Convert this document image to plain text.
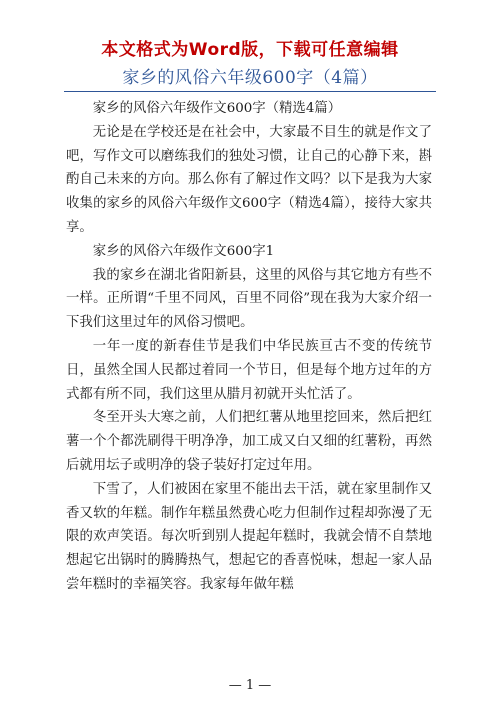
本文格式为Word版，下载可任意编辑
家乡的风俗六年级600字（4篇）

家乡的风俗六年级作文600字（精选4篇）

无论是在学校还是在社会中，大家最不目生的就是作文了吧，写作文可以磨练我们的独处习惯，让自己的心静下来，斟酌自己未来的方向。那么你有了解过作文吗？以下是我为大家收集的家乡的风俗六年级作文600字（精选4篇），接待大家共享。

家乡的风俗六年级作文600字1

我的家乡在湖北省阳新县，这里的风俗与其它地方有些不一样。正所谓“千里不同风，百里不同俗”现在我为大家介绍一下我们这里过年的风俗习惯吧。

一年一度的新春佳节是我们中华民族亘古不变的传统节日，虽然全国人民都过着同一个节日，但是每个地方过年的方式都有所不同，我们这里从腊月初就开头忙活了。

冬至开头大寒之前，人们把红薯从地里挖回来，然后把红薯一个个都洗刷得干明净净，加工成又白又细的红薯粉，再然后就用坛子或明净的袋子装好打定过年用。

下雪了，人们被困在家里不能出去干活，就在家里制作又香又软的年糕。制作年糕虽然费心吃力但制作过程却弥漫了无限的欢声笑语。每次听到别人提起年糕时，我就会情不自禁地想起它出锅时的腾腾热气，想起它的香喜悦味，想起一家人品尝年糕时的幸福笑容。我家每年做年糕

— 1 —
